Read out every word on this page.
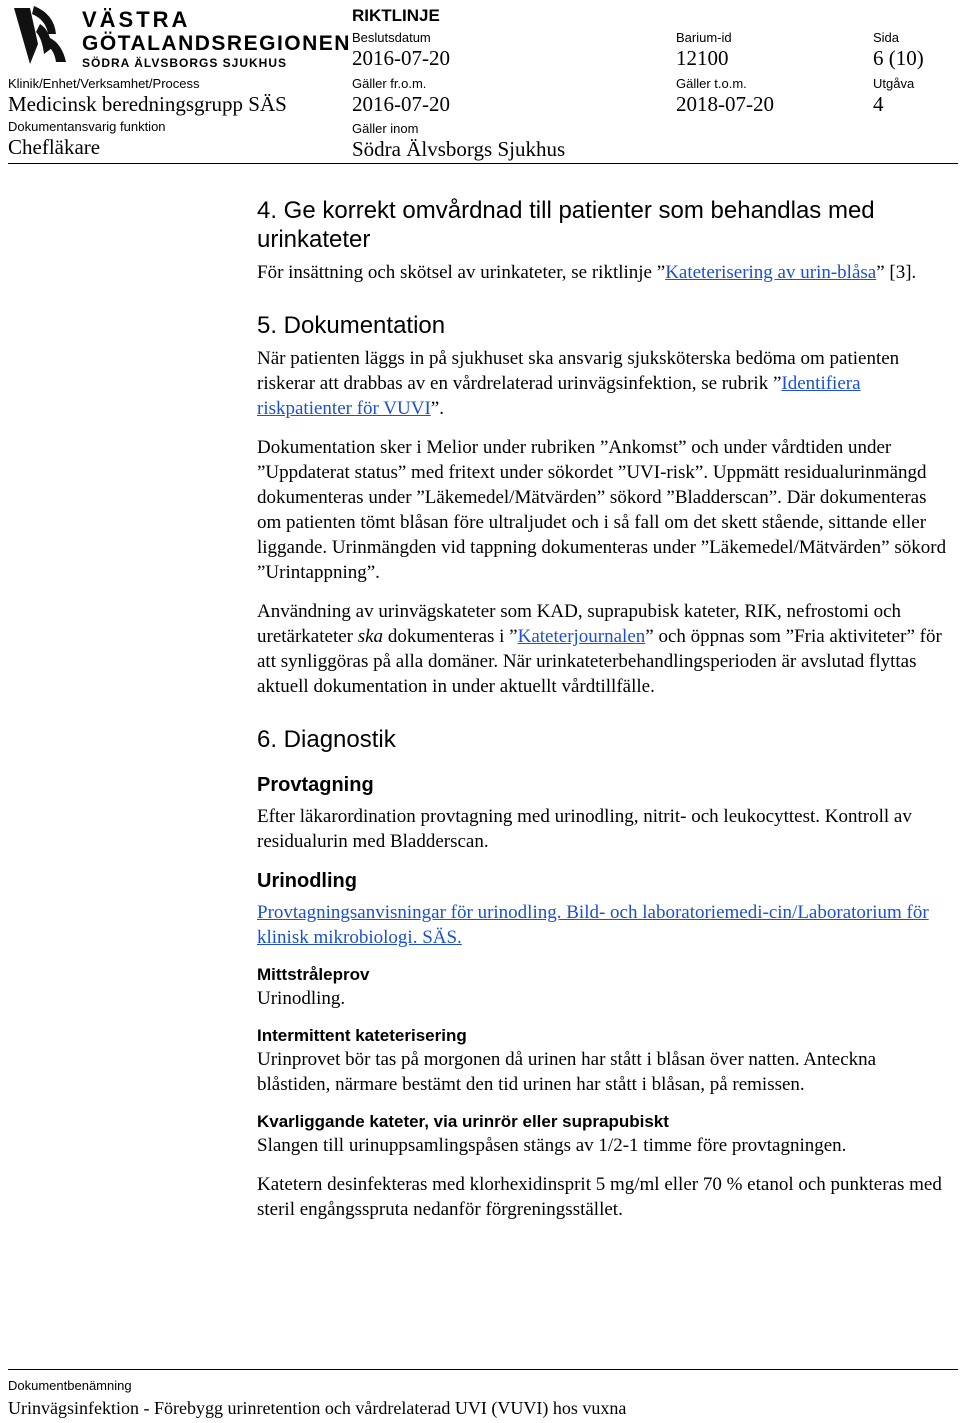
VÄSTRA
GÖTALANDSREGIONEN
SÖDRA ÄLVSBORGS SJUKHUS
RIKTLINJE
Beslutsdatum
2016-07-20
Barium-id
12100
Sida
6 (10)
Klinik/Enhet/Verksamhet/Process
Medicinsk beredningsgrupp SÄS
Gäller fr.o.m.
2016-07-20
Gäller t.o.m.
2018-07-20
Utgåva
4
Dokumentansvarig funktion
Chefläkare
Gäller inom
Södra Älvsborgs Sjukhus
4. Ge korrekt omvårdnad till patienter som behandlas med urinkateter

För insättning och skötsel av urinkateter, se riktlinje ”Kateterisering av urin-blåsa” [3].

5. Dokumentation

När patienten läggs in på sjukhuset ska ansvarig sjuksköterska bedöma om patienten riskerar att drabbas av en vårdrelaterad urinvägsinfektion, se rubrik ”Identifiera riskpatienter för VUVI”.

Dokumentation sker i Melior under rubriken ”Ankomst” och under vårdtiden under ”Uppdaterat status” med fritext under sökordet ”UVI-risk”. Uppmätt residualurinmängd dokumenteras under ”Läkemedel/Mätvärden” sökord ”Bladderscan”. Där dokumenteras om patienten tömt blåsan före ultraljudet och i så fall om det skett stående, sittande eller liggande. Urinmängden vid tappning dokumenteras under ”Läkemedel/Mätvärden” sökord ”Urintappning”.

Användning av urinvägskateter som KAD, suprapubisk kateter, RIK, nefrostomi och uretärkateter ska dokumenteras i ”Kateterjournalen” och öppnas som ”Fria aktiviteter” för att synliggöras på alla domäner. När urinkateterbehandlingsperioden är avslutad flyttas aktuell dokumentation in under aktuellt vårdtillfälle.

6. Diagnostik
Provtagning

Efter läkarordination provtagning med urinodling, nitrit- och leukocyttest. Kontroll av residualurin med Bladderscan.

Urinodling

Provtagningsanvisningar för urinodling. Bild- och laboratoriemedi-cin/Laboratorium för klinisk mikrobiologi. SÄS.

Mittstråleprov

Urinodling.

Intermittent kateterisering

Urinprovet bör tas på morgonen då urinen har stått i blåsan över natten. Anteckna blåstiden, närmare bestämt den tid urinen har stått i blåsan, på remissen.

Kvarliggande kateter, via urinrör eller suprapubiskt

Slangen till urinuppsamlingspåsen stängs av 1/2-1 timme före provtagningen.

Katetern desinfekteras med klorhexidinsprit 5 mg/ml eller 70 % etanol och punkteras med steril engångsspruta nedanför förgreningsstället.

Dokumentbenämning
Urinvägsinfektion - Förebygg urinretention och vårdrelaterad UVI (VUVI) hos vuxna
